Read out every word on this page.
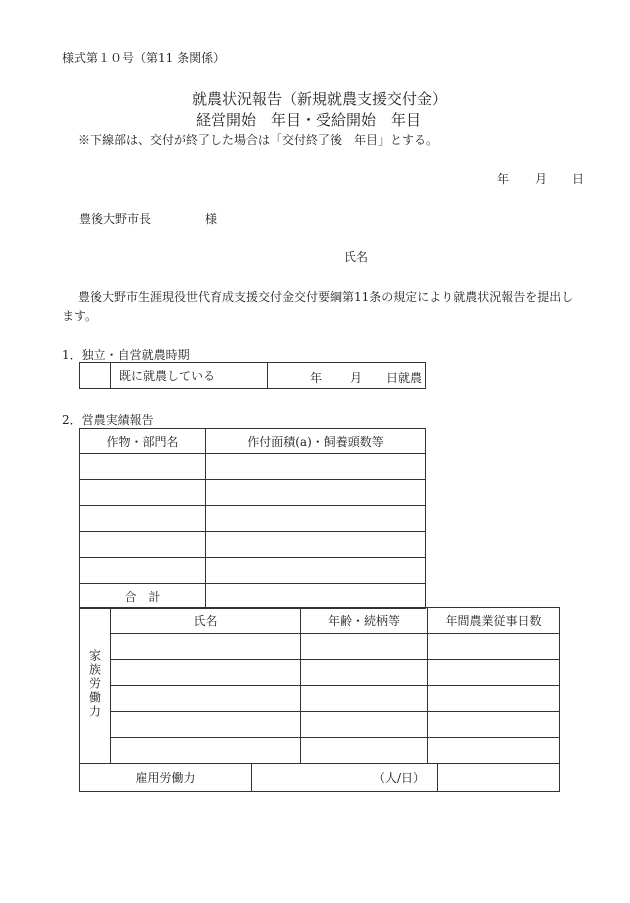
様式第１０号（第11 条関係）
就農状況報告（新規就農支援交付金）
経営開始　年目・受給開始　年目
※下線部は、交付が終了した場合は「交付終了後　年目」とする。
年 月 日
豊後大野市長	様
氏名
豊後大野市生涯現役世代育成支援交付金交付要綱第11条の規定により就農状況報告を提出します。
1．独立・自営就農時期
	既に就農している	年 月 日就農
2．営農実績報告
作物・部門名	作付面積(a)・飼養頭数等

合　計	
家族労働力	氏名	年齢・続柄等	年間農業従事日数

雇用労働力	（人/日）	
